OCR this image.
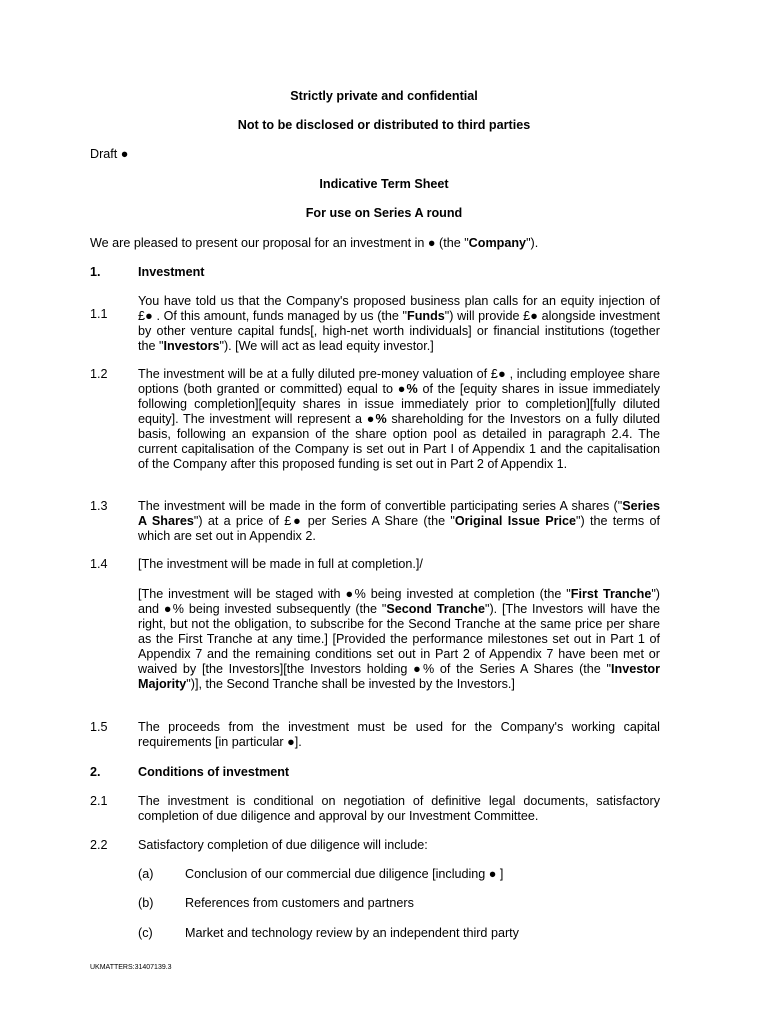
Strictly private and confidential

Not to be disclosed or distributed to third parties

Draft ●

Indicative Term Sheet

For use on Series A round

We are pleased to present our proposal for an investment in ● (the "Company").

1.	Investment

1.1

You have told us that the Company's proposed business plan calls for an equity injection of £● . Of this amount, funds managed by us (the "Funds") will provide £● alongside investment by other venture capital funds[, high-net worth individuals] or financial institutions (together the "Investors"). [We will act as lead equity investor.]

1.2 The investment will be at a fully diluted pre-money valuation of £● , including employee share options (both granted or committed) equal to ●% of the [equity shares in issue immediately following completion][equity shares in issue immediately prior to completion][fully diluted equity]. The investment will represent a ●% shareholding for the Investors on a fully diluted basis, following an expansion of the share option pool as detailed in paragraph 2.4. The current capitalisation of the Company is set out in Part I of Appendix 1 and the capitalisation of the Company after this proposed funding is set out in Part 2 of Appendix 1.

1.3 The investment will be made in the form of convertible participating series A shares ("Series A Shares") at a price of £● per Series A Share (the "Original Issue Price") the terms of which are set out in Appendix 2.

1.4 [The investment will be made in full at completion.]/

[The investment will be staged with ●% being invested at completion (the "First Tranche") and ●% being invested subsequently (the "Second Tranche"). [The Investors will have the right, but not the obligation, to subscribe for the Second Tranche at the same price per share as the First Tranche at any time.] [Provided the performance milestones set out in Part 1 of Appendix 7 and the remaining conditions set out in Part 2 of Appendix 7 have been met or waived by [the Investors][the Investors holding ●% of the Series A Shares (the "Investor Majority")], the Second Tranche shall be invested by the Investors.]

1.5 The proceeds from the investment must be used for the Company's working capital requirements [in particular ●].

2.	Conditions of investment

2.1 The investment is conditional on negotiation of definitive legal documents, satisfactory completion of due diligence and approval by our Investment Committee.

2.2 Satisfactory completion of due diligence will include:

(a)	Conclusion of our commercial due diligence [including ● ]

(b)	References from customers and partners

(c)	Market and technology review by an independent third party

UKMATTERS:31407139.3
